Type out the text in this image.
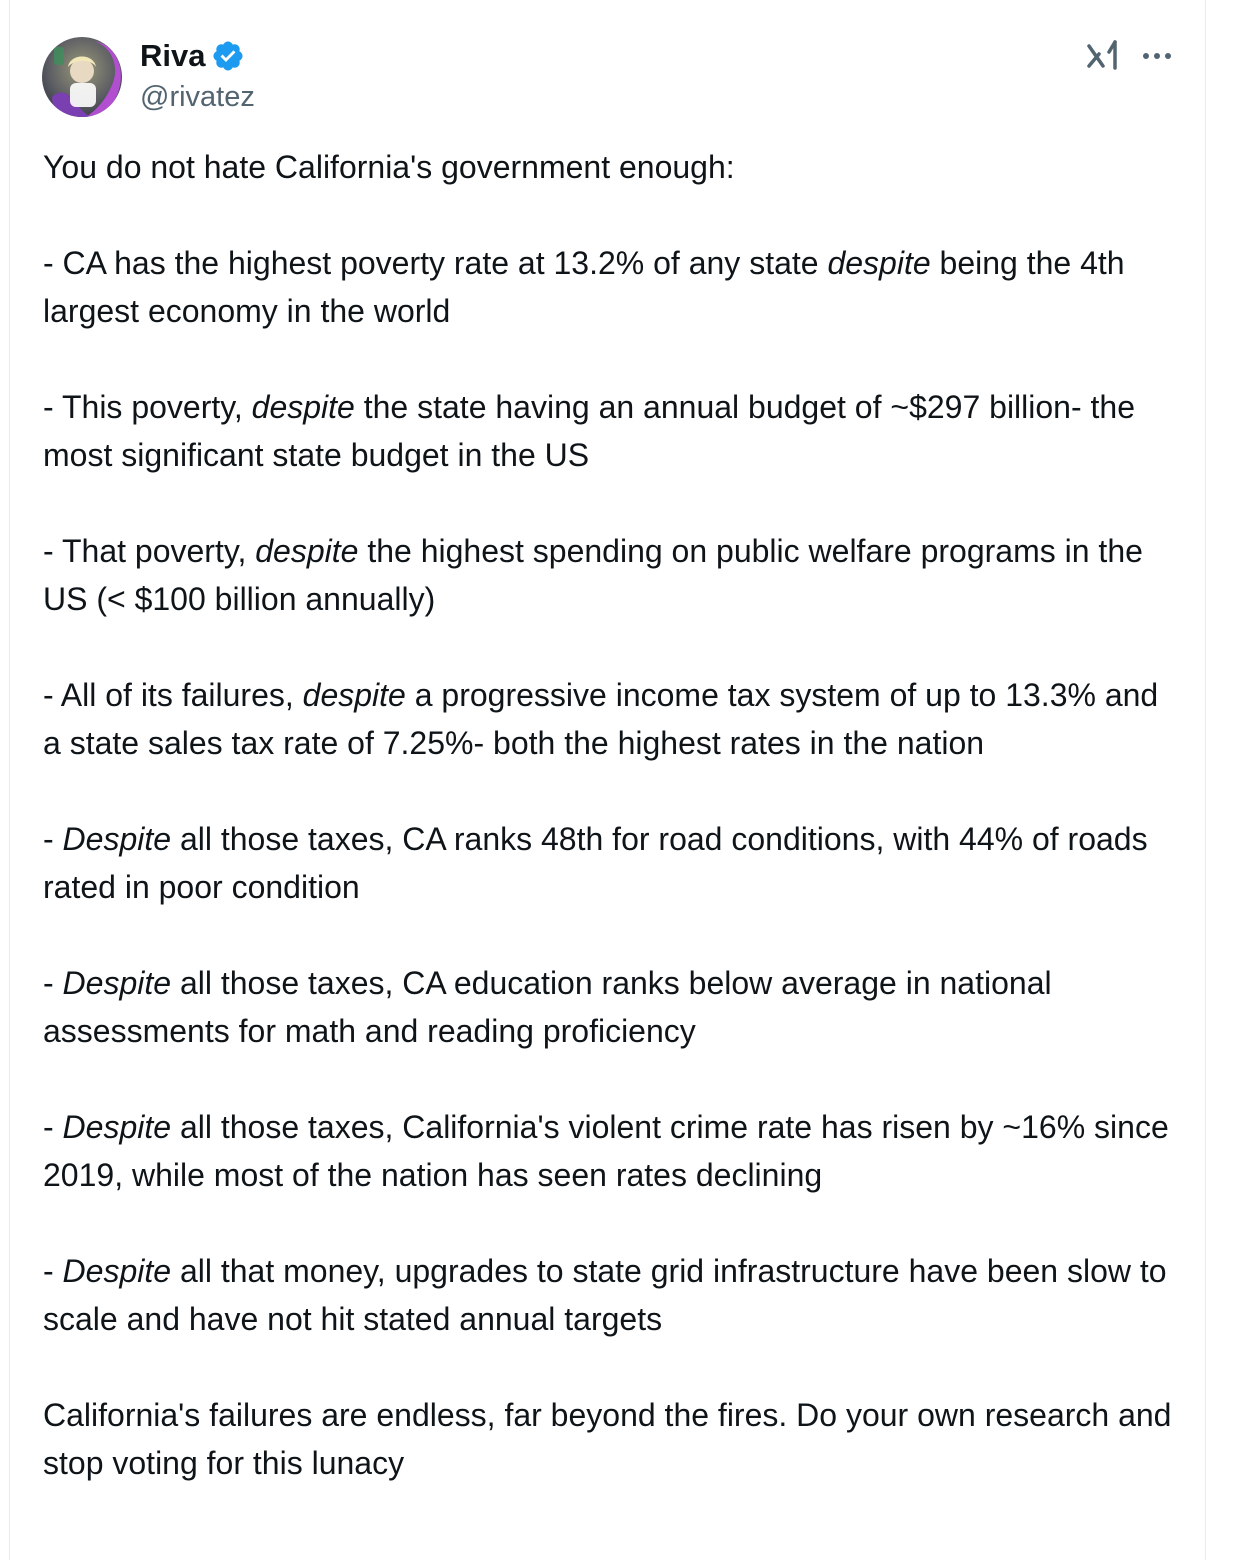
Riva
@rivatez

You do not hate California's government enough:

- CA has the highest poverty rate at 13.2% of any state despite being the 4th largest economy in the world

- This poverty, despite the state having an annual budget of ~$297 billion- the most significant state budget in the US

- That poverty, despite the highest spending on public welfare programs in the US (< $100 billion annually)

- All of its failures, despite a progressive income tax system of up to 13.3% and a state sales tax rate of 7.25%- both the highest rates in the nation

- Despite all those taxes, CA ranks 48th for road conditions, with 44% of roads rated in poor condition

- Despite all those taxes, CA education ranks below average in national assessments for math and reading proficiency

- Despite all those taxes, California's violent crime rate has risen by ~16% since 2019, while most of the nation has seen rates declining

- Despite all that money, upgrades to state grid infrastructure have been slow to scale and have not hit stated annual targets

California's failures are endless, far beyond the fires. Do your own research and stop voting for this lunacy
